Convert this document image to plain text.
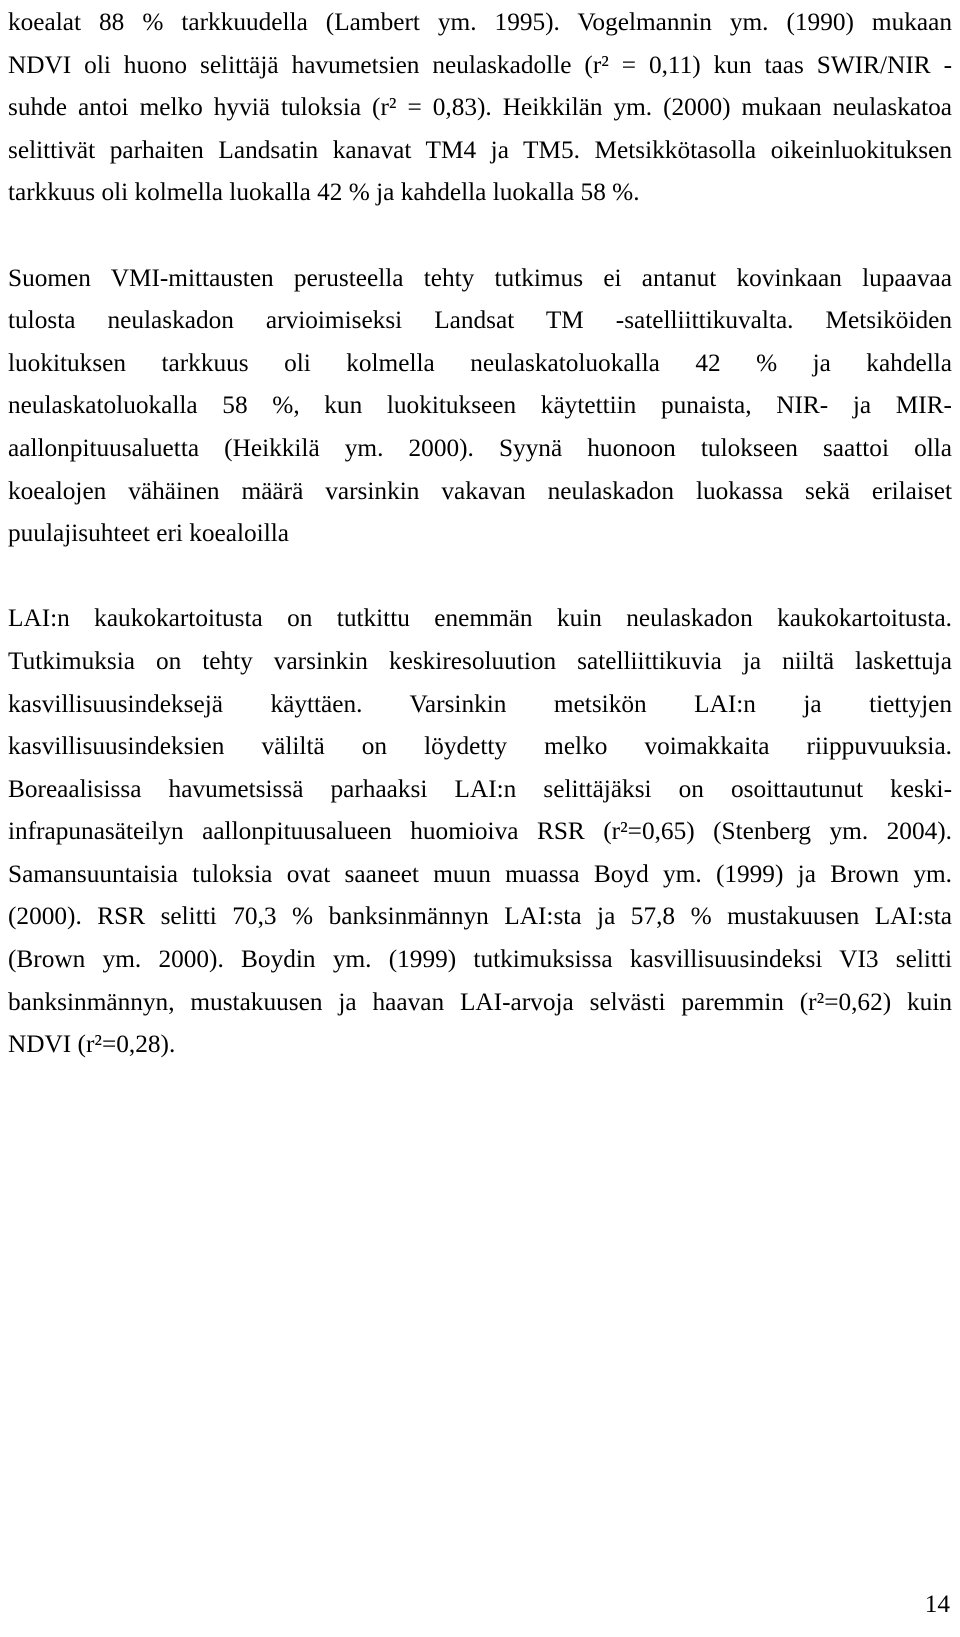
koealat 88 % tarkkuudella (Lambert ym. 1995). Vogelmannin ym. (1990) mukaan
NDVI oli huono selittäjä havumetsien neulaskadolle (r² = 0,11) kun taas SWIR/NIR -
suhde antoi melko hyviä tuloksia (r² = 0,83). Heikkilän ym. (2000) mukaan neulaskatoa
selittivät parhaiten Landsatin kanavat TM4 ja TM5. Metsikkötasolla oikeinluokituksen
tarkkuus oli kolmella luokalla 42 % ja kahdella luokalla 58 %.
Suomen VMI-mittausten perusteella tehty tutkimus ei antanut kovinkaan lupaavaa
tulosta neulaskadon arvioimiseksi Landsat TM -satelliittikuvalta. Metsiköiden
luokituksen tarkkuus oli kolmella neulaskatoluokalla 42 % ja kahdella
neulaskatoluokalla 58 %, kun luokitukseen käytettiin punaista, NIR- ja MIR-
aallonpituusaluetta (Heikkilä ym. 2000). Syynä huonoon tulokseen saattoi olla
koealojen vähäinen määrä varsinkin vakavan neulaskadon luokassa sekä erilaiset
puulajisuhteet eri koealoilla
LAI:n kaukokartoitusta on tutkittu enemmän kuin neulaskadon kaukokartoitusta.
Tutkimuksia on tehty varsinkin keskiresoluution satelliittikuvia ja niiltä laskettuja
kasvillisuusindeksejä käyttäen. Varsinkin metsikön LAI:n ja tiettyjen
kasvillisuusindeksien väliltä on löydetty melko voimakkaita riippuvuuksia.
Boreaalisissa havumetsissä parhaaksi LAI:n selittäjäksi on osoittautunut keski-
infrapunasäteilyn aallonpituusalueen huomioiva RSR (r²=0,65) (Stenberg ym. 2004).
Samansuuntaisia tuloksia ovat saaneet muun muassa Boyd ym. (1999) ja Brown ym.
(2000). RSR selitti 70,3 % banksinmännyn LAI:sta ja 57,8 % mustakuusen LAI:sta
(Brown ym. 2000). Boydin ym. (1999) tutkimuksissa kasvillisuusindeksi VI3 selitti
banksinmännyn, mustakuusen ja haavan LAI-arvoja selvästi paremmin (r²=0,62) kuin
NDVI (r²=0,28).
14
